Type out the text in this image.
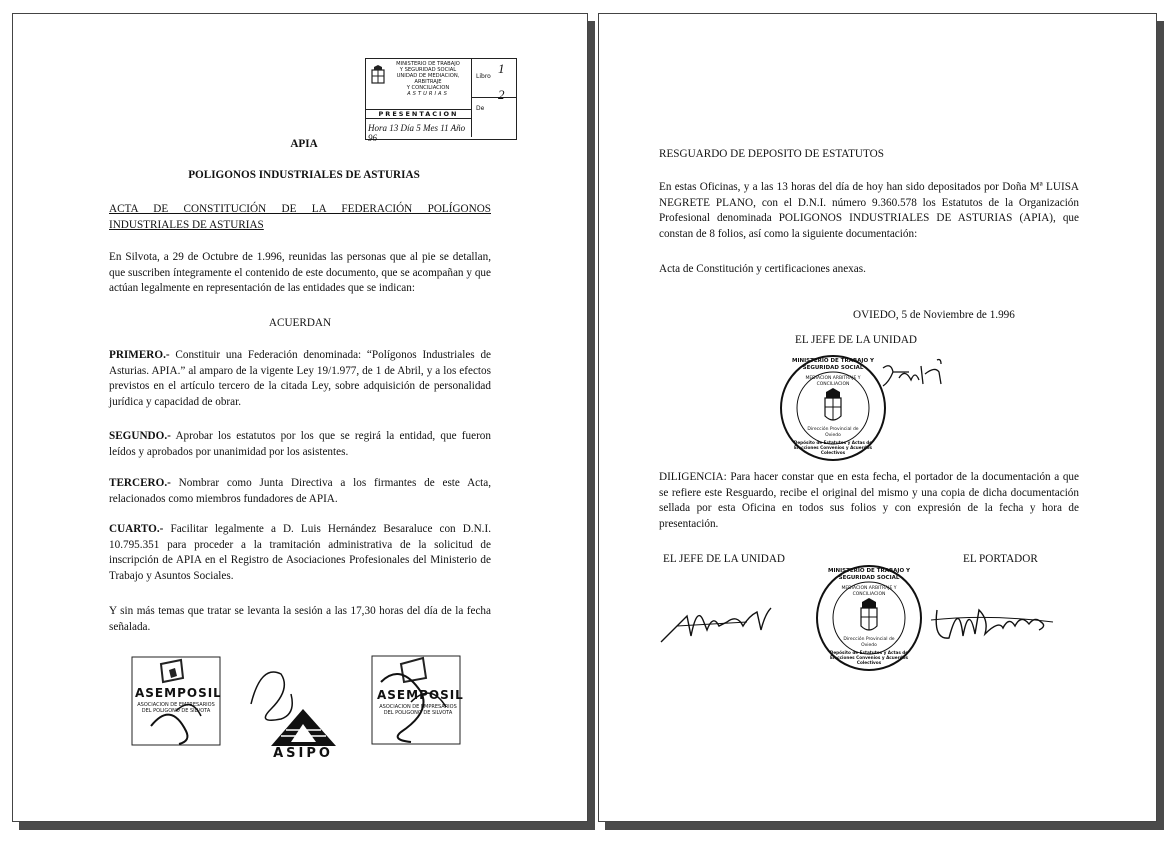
MINISTERIO DE TRABAJO
Y SEGURIDAD SOCIAL
UNIDAD DE MEDIACION, ARBITRAJE
Y CONCILIACION
ASTURIAS
PRESENTACION
Hora 13 Día 5 Mes 11 Año 96
Libro
1
De
2
APIA
POLIGONOS INDUSTRIALES DE ASTURIAS
ACTA DE CONSTITUCIÓN DE LA FEDERACIÓN POLÍGONOS INDUSTRIALES DE ASTURIAS
En Silvota, a 29 de Octubre de 1.996, reunidas las personas que al pie se detallan, que suscriben íntegramente el contenido de este documento, que se acompañan y que actúan legalmente en representación de las entidades que se indican:
ACUERDAN
PRIMERO.- Constituir una Federación denominada: “Polígonos Industriales de Asturias. APIA.” al amparo de la vigente Ley 19/1.977, de 1 de Abril, y a los efectos previstos en el artículo tercero de la citada Ley, sobre adquisición de personalidad jurídica y capacidad de obrar.
SEGUNDO.- Aprobar los estatutos por los que se regirá la entidad, que fueron leídos y aprobados por unanimidad por los asistentes.
TERCERO.- Nombrar como Junta Directiva a los firmantes de este Acta, relacionados como miembros fundadores de APIA.
CUARTO.- Facilitar legalmente a D. Luis Hernández Besaraluce con D.N.I. 10.795.351 para proceder a la tramitación administrativa de la solicitud de inscripción de APIA en el Registro de Asociaciones Profesionales del Ministerio de Trabajo y Asuntos Sociales.
Y sin más temas que tratar se levanta la sesión a las 17,30 horas del día de la fecha señalada.
ASEMPOSIL
ASOCIACION DE EMPRESARIOS DEL POLIGONO DE SILVOTA
ASIPO
ASEMPOSIL
ASOCIACION DE EMPRESARIOS DEL POLIGONO DE SILVOTA
RESGUARDO DE DEPOSITO DE ESTATUTOS
En estas Oficinas, y a las 13 horas del día de hoy han sido depositados por Doña Mª LUISA NEGRETE PLANO, con el D.N.I. número 9.360.578 los Estatutos de la Organización Profesional denominada POLIGONOS INDUSTRIALES DE ASTURIAS (APIA), que constan de 8 folios, así como la siguiente documentación:
Acta de Constitución y certificaciones anexas.
OVIEDO, 5 de Noviembre de 1.996
EL JEFE DE LA UNIDAD
MINISTERIO DE TRABAJO Y SEGURIDAD SOCIAL
MEDIACION ARBITRAJE Y CONCILIACION
Dirección Provincial de Oviedo
Depósito de Estatutos y Actas de Elecciones Convenios y Acuerdos Colectivos
DILIGENCIA: Para hacer constar que en esta fecha, el portador de la documentación a que se refiere este Resguardo, recibe el original del mismo y una copia de dicha documentación sellada por esta Oficina en todos sus folios y con expresión de la fecha y hora de presentación.
EL JEFE DE LA UNIDAD	EL PORTADOR
MINISTERIO DE TRABAJO Y SEGURIDAD SOCIAL
MEDIACION ARBITRAJE Y CONCILIACION
Dirección Provincial de Oviedo
Depósito de Estatutos y Actas de Elecciones Convenios y Acuerdos Colectivos
